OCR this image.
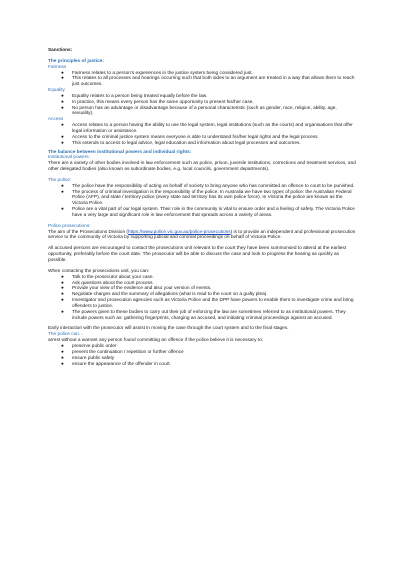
Sanctions:

The principles of justice:

Fairness

● Fairness relates to a person's experiences in the justice system being considered just.
● This relates to all processes and hearings occurring such that both sides to an argument are treated in a way that allows them to reach just outcomes.

Equality

● Equality relates to a person being treated equally before the law.
● In practice, this means every person has the same opportunity to present his/her case.
● No person has an advantage or disadvantage because of a personal characteristic (such as gender, race, religion, ability, age, sexuality).

Access

● Access relates to a person having the ability to use the legal system, legal institutions (such as the courts) and organisations that offer legal information or assistance.
● Access to the criminal justice system means everyone is able to understand his/her legal rights and the legal process.
● This extends to access to legal advice, legal education and information about legal processes and outcomes.

The balance between institutional powers and individual rights:

Institutional powers:

There are a variety of other bodies involved in law enforcement such as police, prison, juvenile institutions, corrections and treatment services, and other delegated bodies (also known as subordinate bodies, e.g. local councils, government departments).

The police:

● The police have the responsibility of acting on behalf of society to bring anyone who has committed an offence to court to be punished.
● The process of criminal investigation is the responsibility of the police. In Australia we have two types of police: the Australian Federal Police (AFP), and state / territory police (every state and territory has its own police force). In Victoria the police are known as the Victoria Police.
● Police are a vital part of our legal system. Their role in the community is vital to ensure order and a feeling of safety. The Victoria Police have a very large and significant role in law enforcement that spreads across a variety of areas.

Police prosecutions:

The aim of the Prosecutions Division (https://www.police.vic.gov.au/police-prosecutions) is to provide an independent and professional prosecution service to the community of Victoria by supporting judicial and coronial proceedings on behalf of Victoria Police.

All accused persons are encouraged to contact the prosecutions unit relevant to the court they have been summonsed to attend at the earliest opportunity, preferably before the court date. The prosecutor will be able to discuss the case and look to progress the hearing as quickly as possible.

When contacting the prosecutions unit, you can:

● Talk to the prosecutor about your case.
● Ask questions about the court process.
● Provide your view of the evidence and also your version of events.
● Negotiate charges and the summary of allegations (what is read to the court on a guilty plea).
● Investigator and prosecution agencies such as Victoria Police and the DPP have powers to enable them to investigate crime and bring offenders to justice.
● The powers given to these bodies to carry out their job of enforcing the law are sometimes referred to as institutional powers. They include powers such as: gathering fingerprints, charging an accused, and initiating criminal proceedings against an accused.

Early interaction with the prosecutor will assist in moving the case through the court system and to the final stages.

The police can…

arrest without a warrant any person found committing an offence if the police believe it is necessary to:

● preserve public order
● prevent the continuation / repetition or further offence
● ensure public safety
● ensure the appearance of the offender in court.
